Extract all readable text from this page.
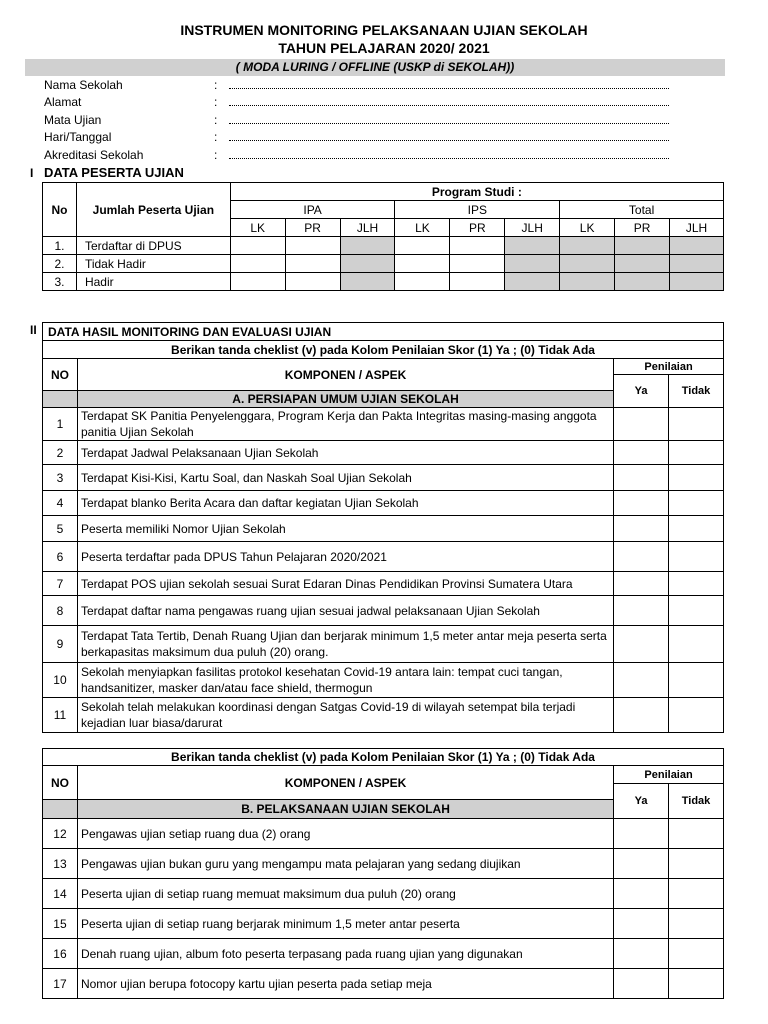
INSTRUMEN MONITORING PELAKSANAAN UJIAN SEKOLAH
TAHUN PELAJARAN 2020/ 2021
( MODA LURING / OFFLINE (USKP di SEKOLAH))
Nama Sekolah	:
Alamat	:
Mata Ujian	:
Hari/Tanggal	:
Akreditasi Sekolah	:
I DATA PESERTA UJIAN
No	Jumlah Peserta Ujian	Program Studi :								
		IPA			IPS			Total		
		LK	PR	JLH	LK	PR	JLH	LK	PR	JLH
1.	Terdaftar di DPUS									
2.	Tidak Hadir									
3.	Hadir									
II DATA HASIL MONITORING DAN EVALUASI UJIAN			
Berikan tanda cheklist (v) pada Kolom Penilaian Skor (1) Ya ; (0) Tidak Ada			
NO	KOMPONEN / ASPEK	Penilaian	
		Ya	Tidak
	A. PERSIAPAN UMUM UJIAN SEKOLAH		
1	Terdapat SK Panitia Penyelenggara, Program Kerja dan Pakta Integritas masing-masing anggota panitia Ujian Sekolah		
2	Terdapat Jadwal Pelaksanaan Ujian Sekolah		
3	Terdapat Kisi-Kisi, Kartu Soal, dan Naskah Soal Ujian Sekolah		
4	Terdapat blanko Berita Acara dan daftar kegiatan Ujian Sekolah		
5	Peserta memiliki Nomor Ujian Sekolah		
6	Peserta terdaftar pada DPUS Tahun Pelajaran 2020/2021		
7	Terdapat POS ujian sekolah sesuai Surat Edaran Dinas Pendidikan Provinsi Sumatera Utara		
8	Terdapat daftar nama pengawas ruang ujian sesuai jadwal pelaksanaan Ujian Sekolah		
9	Terdapat Tata Tertib, Denah Ruang Ujian dan berjarak minimum 1,5 meter antar meja peserta serta berkapasitas maksimum dua puluh (20) orang.		
10	Sekolah menyiapkan fasilitas protokol kesehatan Covid-19 antara lain: tempat cuci tangan, handsanitizer, masker dan/atau face shield, thermogun		
11	Sekolah telah melakukan koordinasi dengan Satgas Covid-19 di wilayah setempat bila terjadi kejadian luar biasa/darurat		
Berikan tanda cheklist (v) pada Kolom Penilaian Skor (1) Ya ; (0) Tidak Ada			
NO	KOMPONEN / ASPEK	Penilaian	
		Ya	Tidak
	B. PELAKSANAAN UJIAN SEKOLAH		
12	Pengawas ujian setiap ruang dua (2) orang		
13	Pengawas ujian bukan guru yang mengampu mata pelajaran yang sedang diujikan		
14	Peserta ujian di setiap ruang memuat maksimum dua puluh (20) orang		
15	Peserta ujian di setiap ruang berjarak minimum 1,5 meter antar peserta		
16	Denah ruang ujian, album foto peserta terpasang pada ruang ujian yang digunakan		
17	Nomor ujian berupa fotocopy kartu ujian peserta pada setiap meja		
